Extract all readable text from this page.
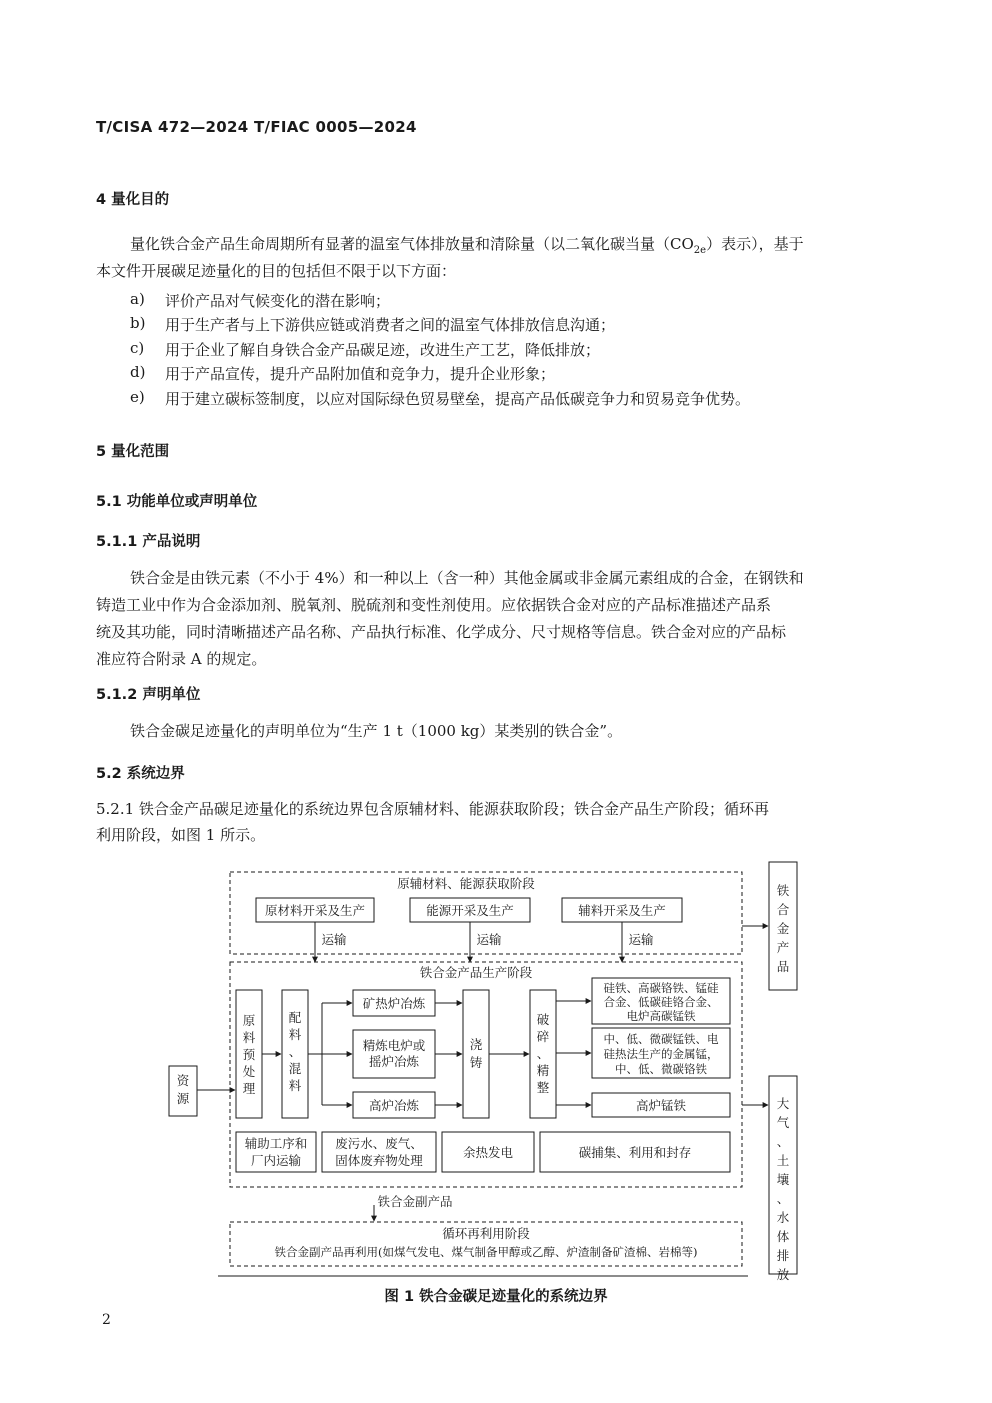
T/CISA 472—2024 T/FIAC 0005—2024
4 量化目的
量化铁合金产品生命周期所有显著的温室气体排放量和清除量（以二氧化碳当量$(CO_{2e})$表示），基于
本文件开展碳足迹量化的目的包括但不限于以下方面：
a) 评价产品对气候变化的潜在影响；
b) 用于生产者与上下游供应链或消费者之间的温室气体排放信息沟通；
c) 用于企业了解自身铁合金产品碳足迹，改进生产工艺，降低排放；
d) 用于产品宣传，提升产品附加值和竞争力，提升企业形象；
e) 用于建立碳标签制度，以应对国际绿色贸易壁垒，提高产品低碳竞争力和贸易竞争优势。
5 量化范围
5.1 功能单位或声明单位
5.1.1 产品说明
铁合金是由铁元素（不小于 4%）和一种以上（含一种）其他金属或非金属元素组成的合金，在钢铁和
铸造工业中作为合金添加剂、脱氧剂、脱硫剂和变性剂使用。应依据铁合金对应的产品标准描述产品系
统及其功能，同时清晰描述产品名称、产品执行标准、化学成分、尺寸规格等信息。铁合金对应的产品标
准应符合附录 A 的规定。
5.1.2 声明单位
铁合金碳足迹量化的声明单位为“生产 1 t（1000 kg）某类别的铁合金”。
5.2 系统边界
5.2.1 铁合金产品碳足迹量化的系统边界包含原辅材料、能源获取阶段；铁合金产品生产阶段；循环再
利用阶段，如图 1 所示。
原辅材料、能源获取阶段
原材料开采及生产	能源开采及生产	辅料开采及生产
运输	运输	运输
铁合金产品生产阶段
矿热炉冶炼
精炼电炉或
摇炉冶炼
高炉冶炼
硅铁、高碳铬铁、锰硅
合金、低碳硅铬合金、
电炉高碳锰铁
中、低、微碳锰铁、电
硅热法生产的金属锰，
中、低、微碳铬铁
高炉锰铁
辅助工序和
厂内运输
废污水、废气、
固体废弃物处理
余热发电	碳捕集、利用和封存
铁合金副产品
循环再利用阶段
铁合金副产品再利用(如煤气发电、煤气制备甲醇或乙醇、炉渣制备矿渣棉、岩棉等)
资源
原料预处理
配料、混料
浇铸
破碎、精整
铁合金产品
大气、土壤、水体排放
图 1 铁合金碳足迹量化的系统边界
2
